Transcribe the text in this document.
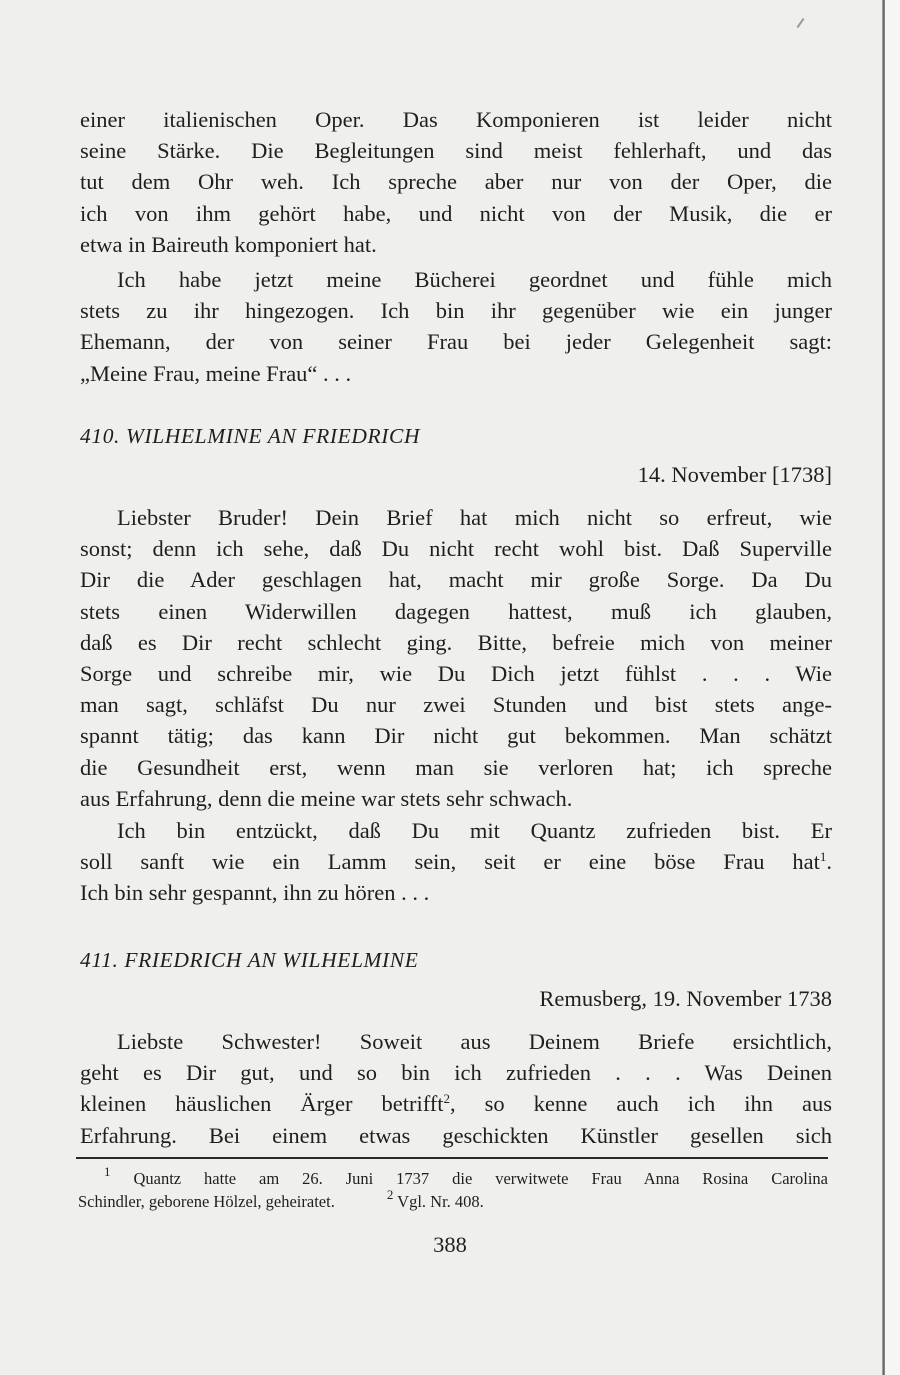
einer italienischen Oper. Das Komponieren ist leider nicht
seine Stärke. Die Begleitungen sind meist fehlerhaft, und das
tut dem Ohr weh. Ich spreche aber nur von der Oper, die
ich von ihm gehört habe, und nicht von der Musik, die er
etwa in Baireuth komponiert hat.
Ich habe jetzt meine Bücherei geordnet und fühle mich
stets zu ihr hingezogen. Ich bin ihr gegenüber wie ein junger
Ehemann, der von seiner Frau bei jeder Gelegenheit sagt:
„Meine Frau, meine Frau“ . . .
410. WILHELMINE AN FRIEDRICH
14. November [1738]
Liebster Bruder! Dein Brief hat mich nicht so erfreut, wie
sonst; denn ich sehe, daß Du nicht recht wohl bist. Daß Superville
Dir die Ader geschlagen hat, macht mir große Sorge. Da Du
stets einen Widerwillen dagegen hattest, muß ich glauben,
daß es Dir recht schlecht ging. Bitte, befreie mich von meiner
Sorge und schreibe mir, wie Du Dich jetzt fühlst . . . Wie
man sagt, schläfst Du nur zwei Stunden und bist stets ange-
spannt tätig; das kann Dir nicht gut bekommen. Man schätzt
die Gesundheit erst, wenn man sie verloren hat; ich spreche
aus Erfahrung, denn die meine war stets sehr schwach.
Ich bin entzückt, daß Du mit Quantz zufrieden bist. Er
soll sanft wie ein Lamm sein, seit er eine böse Frau hat$^1$.
Ich bin sehr gespannt, ihn zu hören . . .
411. FRIEDRICH AN WILHELMINE
Remusberg, 19. November 1738
Liebste Schwester! Soweit aus Deinem Briefe ersichtlich,
geht es Dir gut, und so bin ich zufrieden . . . Was Deinen
kleinen häuslichen Ärger betrifft$^2$, so kenne auch ich ihn aus
Erfahrung. Bei einem etwas geschickten Künstler gesellen sich
$^1$ Quantz hatte am 26. Juni 1737 die verwitwete Frau Anna Rosina Carolina
Schindler, geborene Hölzel, geheiratet.	$^2$ Vgl. Nr. 408.
388
